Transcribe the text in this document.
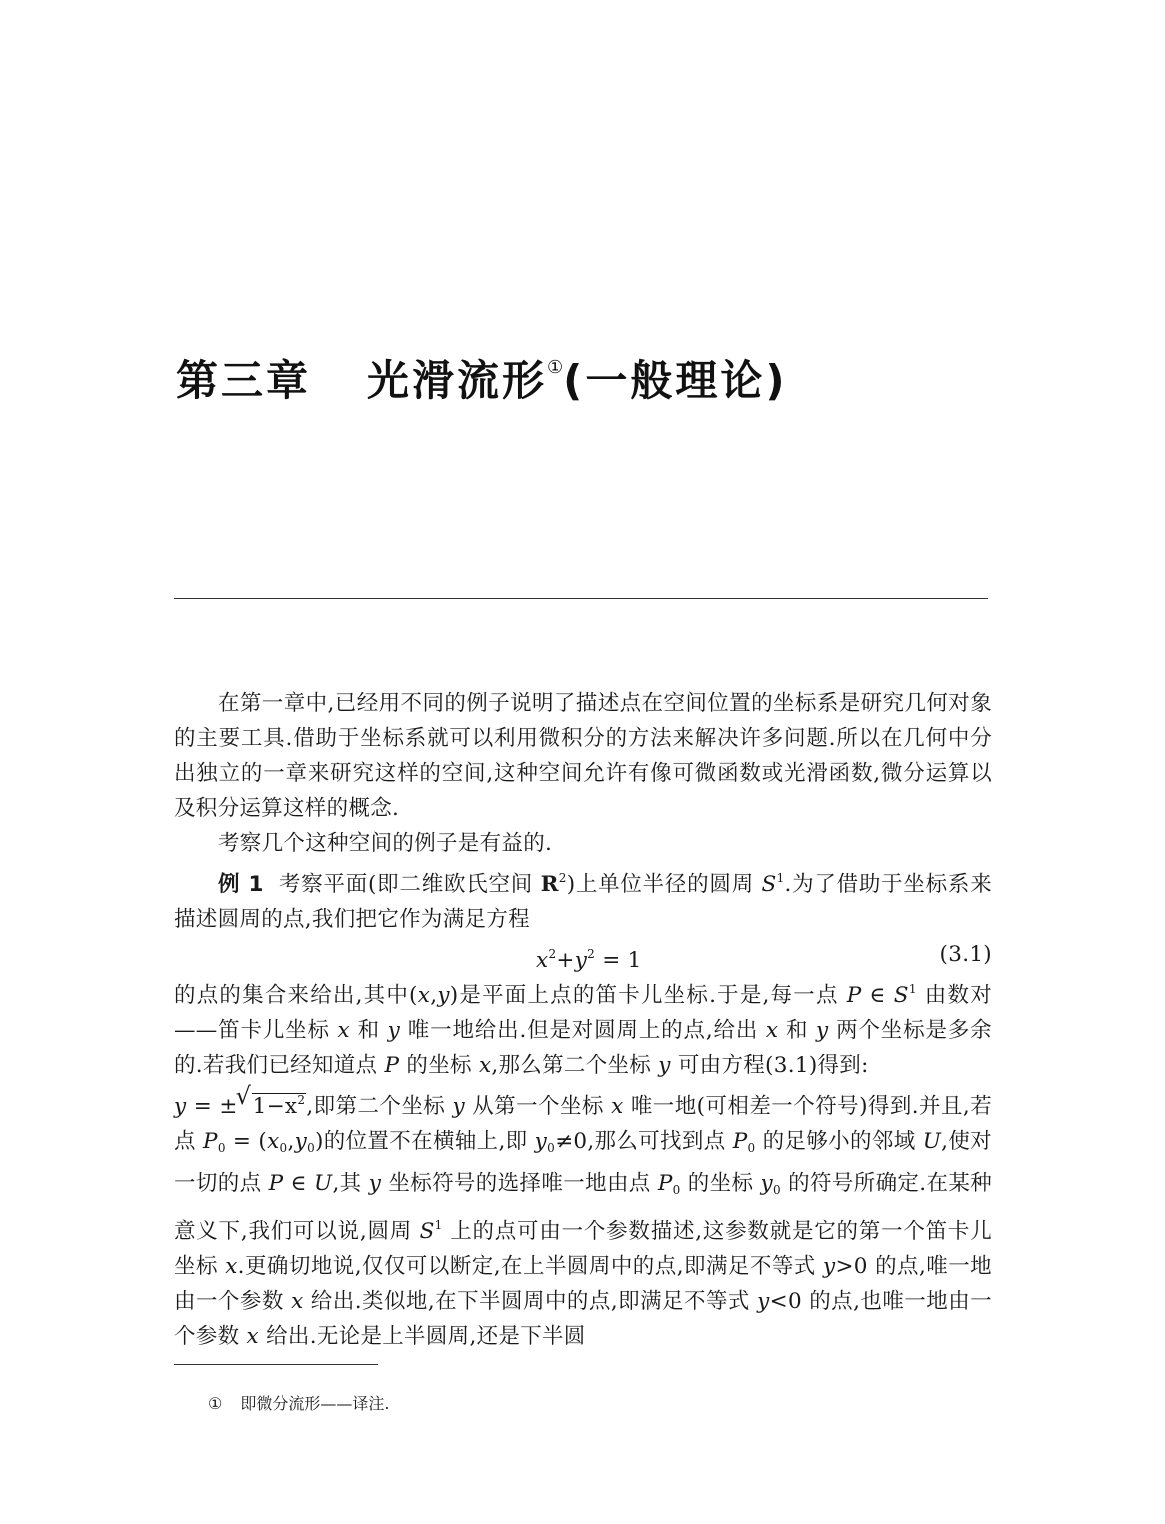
第三章 光滑流形①(一般理论)

在第一章中,已经用不同的例子说明了描述点在空间位置的坐标系是研究几何对象的主要工具.借助于坐标系就可以利用微积分的方法来解决许多问题.所以在几何中分出独立的一章来研究这样的空间,这种空间允许有像可微函数或光滑函数,微分运算以及积分运算这样的概念.

考察几个这种空间的例子是有益的.

例 1 考察平面(即二维欧氏空间 $R^2$)上单位半径的圆周 $S^1$.为了借助于坐标系来描述圆周的点,我们把它作为满足方程

$x^2+y^2 = 1$	(3.1)

的点的集合来给出,其中(x,y)是平面上点的笛卡儿坐标.于是,每一点 P ∈ $S^1$ 由数对——笛卡儿坐标 x 和 y 唯一地给出.但是对圆周上的点,给出 x 和 y 两个坐标是多余的.若我们已经知道点 P 的坐标 x,那么第二个坐标 y 可由方程(3.1)得到:

y = ±√ $1-x^2$,即第二个坐标 y 从第一个坐标 x 唯一地(可相差一个符号)得到.并且,若点 $P_0 = (x_0,y_0)$的位置不在横轴上,即 $y_0\ne 0$,那么可找到点 $P_0$ 的足够小的邻域 U,使对一切的点 P ∈ U,其 y 坐标符号的选择唯一地由点 $P_0$ 的坐标 $y_0$ 的符号所确定.在某种意义下,我们可以说,圆周 $S^1$ 上的点可由一个参数描述,这参数就是它的第一个笛卡儿坐标 x.更确切地说,仅仅可以断定,在上半圆周中的点,即满足不等式 y>0 的点,唯一地由一个参数 x 给出.类似地,在下半圆周中的点,即满足不等式 y<0 的点,也唯一地由一个参数 x 给出.无论是上半圆周,还是下半圆

① 即微分流形——译注.
